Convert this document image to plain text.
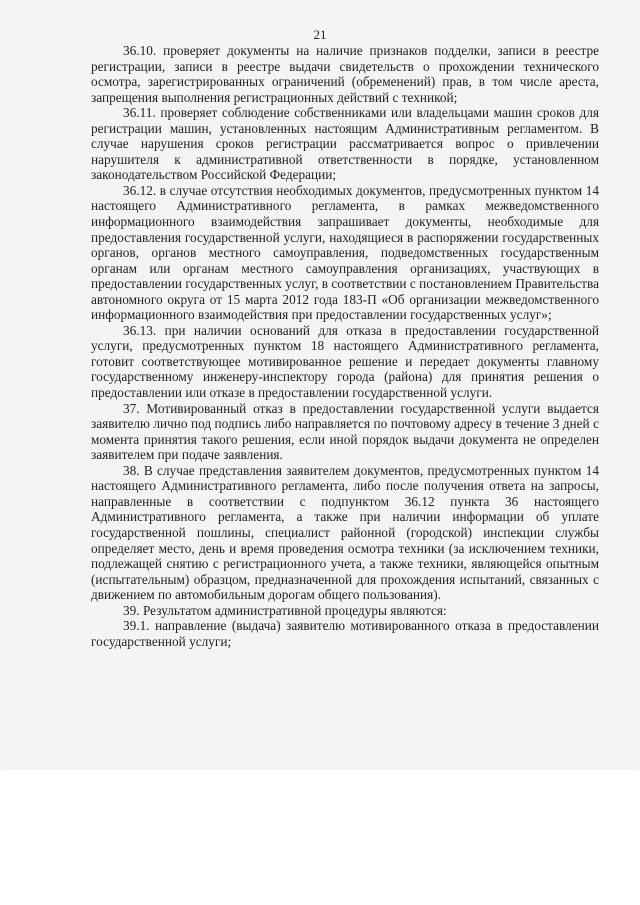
21

36.10. проверяет документы на наличие признаков подделки, записи в реестре регистрации, записи в реестре выдачи свидетельств о прохождении технического осмотра, зарегистрированных ограничений (обременений) прав, в том числе ареста, запрещения выполнения регистрационных действий с техникой;

36.11. проверяет соблюдение собственниками или владельцами машин сроков для регистрации машин, установленных настоящим Административным регламентом. В случае нарушения сроков регистрации рассматривается вопрос о привлечении нарушителя к административной ответственности в порядке, установленном законодательством Российской Федерации;

36.12. в случае отсутствия необходимых документов, предусмотренных пунктом 14 настоящего Административного регламента, в рамках межведомственного информационного взаимодействия запрашивает документы, необходимые для предоставления государственной услуги, находящиеся в распоряжении государственных органов, органов местного самоуправления, подведомственных государственным органам или органам местного самоуправления организациях, участвующих в предоставлении государственных услуг, в соответствии с постановлением Правительства автономного округа от 15 марта 2012 года 183-П «Об организации межведомственного информационного взаимодействия при предоставлении государственных услуг»;

36.13. при наличии оснований для отказа в предоставлении государственной услуги, предусмотренных пунктом 18 настоящего Административного регламента, готовит соответствующее мотивированное решение и передает документы главному государственному инженеру-инспектору города (района) для принятия решения о предоставлении или отказе в предоставлении государственной услуги.

37. Мотивированный отказ в предоставлении государственной услуги выдается заявителю лично под подпись либо направляется по почтовому адресу в течение 3 дней с момента принятия такого решения, если иной порядок выдачи документа не определен заявителем при подаче заявления.

38. В случае представления заявителем документов, предусмотренных пунктом 14 настоящего Административного регламента, либо после получения ответа на запросы, направленные в соответствии с подпунктом 36.12 пункта 36 настоящего Административного регламента, а также при наличии информации об уплате государственной пошлины, специалист районной (городской) инспекции службы определяет место, день и время проведения осмотра техники (за исключением техники, подлежащей снятию с регистрационного учета, а также техники, являющейся опытным (испытательным) образцом, предназначенной для прохождения испытаний, связанных с движением по автомобильным дорогам общего пользования).

39. Результатом административной процедуры являются:

39.1. направление (выдача) заявителю мотивированного отказа в предоставлении государственной услуги;
